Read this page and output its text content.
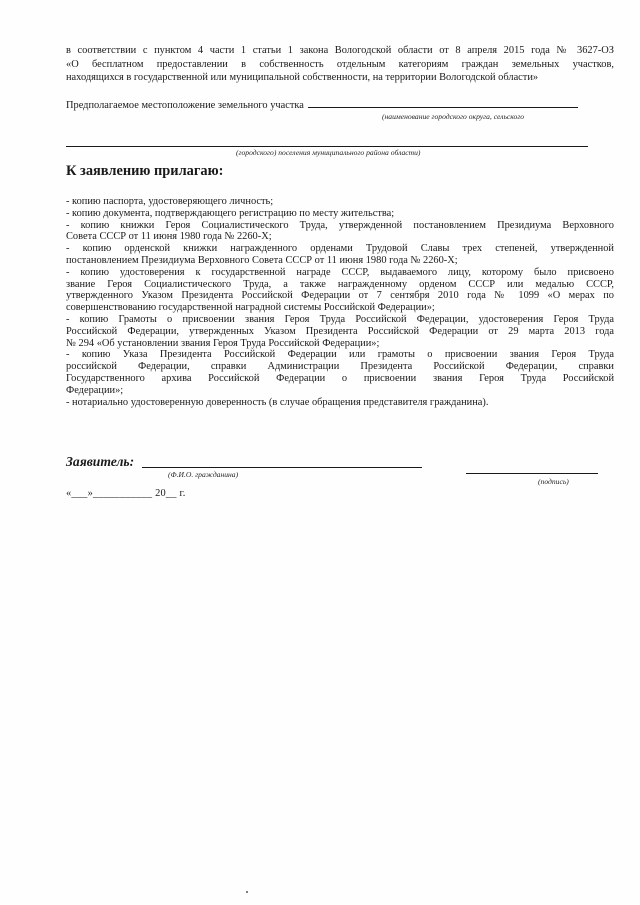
в соответствии с пунктом 4 части 1 статьи 1 закона Вологодской области от 8 апреля 2015 года № 3627-ОЗ

«О бесплатном предоставлении в собственность отдельным категориям граждан земельных участков,

находящихся в государственной или муниципальной собственности, на территории Вологодской области»

Предполагаемое местоположение земельного участка
(наименование городского округа, сельского
(городского) поселения муниципального района области)
К заявлению прилагаю:

- копию паспорта, удостоверяющего личность;

- копию документа, подтверждающего регистрацию по месту жительства;

- копию книжки Героя Социалистического Труда, утвержденной постановлением Президиума Верховного

Совета СССР от 11 июня 1980 года № 2260-Х;

- копию орденской книжки награжденного орденами Трудовой Славы трех степеней, утвержденной

постановлением Президиума Верховного Совета СССР от 11 июня 1980 года № 2260-Х;

- копию удостоверения к государственной награде СССР, выдаваемого лицу, которому было присвоено

звание Героя Социалистического Труда, а также награжденному орденом СССР или медалью СССР,

утвержденного Указом Президента Российской Федерации от 7 сентября 2010 года № 1099 «О мерах по

совершенствованию государственной наградной системы Российской Федерации»;

- копию Грамоты о присвоении звания Героя Труда Российской Федерации, удостоверения Героя Труда

Российской Федерации, утвержденных Указом Президента Российской Федерации от 29 марта 2013 года

№ 294 «Об установлении звания Героя Труда Российской Федерации»;

- копию Указа Президента Российской Федерации или грамоты о присвоении звания Героя Труда

российской Федерации, справки Администрации Президента Российской Федерации, справки

Государственного архива Российской Федерации о присвоении звания Героя Труда Российской

Федерации»;

- нотариально удостоверенную доверенность (в случае обращения представителя гражданина).

Заявитель:
(Ф.И.О. гражданина)
(подпись)
«___»___________ 20__ г.
